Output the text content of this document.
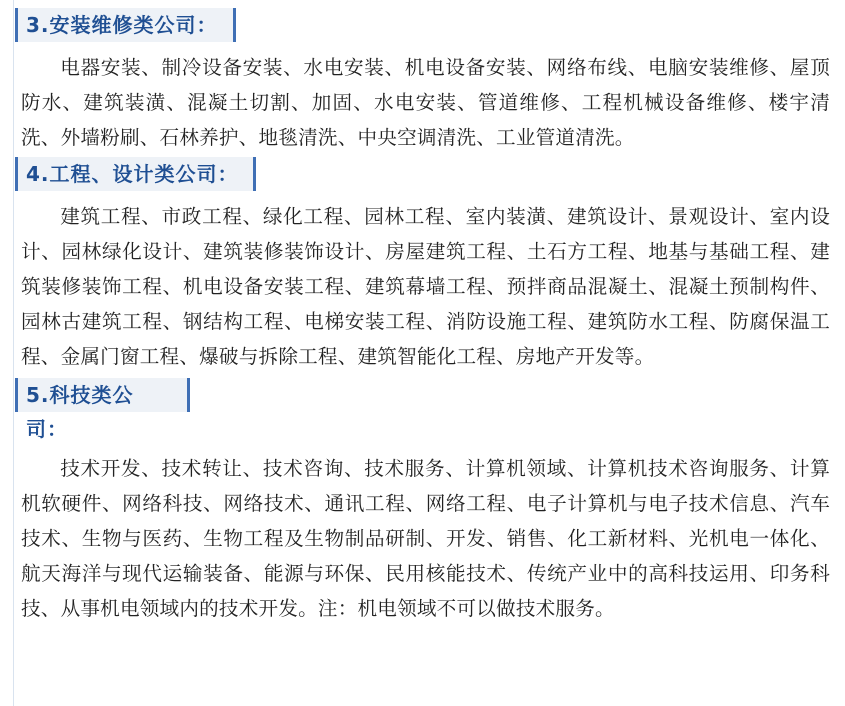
3.安装维修类公司：

电器安装、制冷设备安装、水电安装、机电设备安装、网络布线、电脑安装维修、屋顶防水、建筑装潢、混凝土切割、加固、水电安装、管道维修、工程机械设备维修、楼宇清洗、外墙粉刷、石林养护、地毯清洗、中央空调清洗、工业管道清洗。

4.工程、设计类公司：

建筑工程、市政工程、绿化工程、园林工程、室内装潢、建筑设计、景观设计、室内设计、园林绿化设计、建筑装修装饰设计、房屋建筑工程、土石方工程、地基与基础工程、建筑装修装饰工程、机电设备安装工程、建筑幕墙工程、预拌商品混凝土、混凝土预制构件、园林古建筑工程、钢结构工程、电梯安装工程、消防设施工程、建筑防水工程、防腐保温工程、金属门窗工程、爆破与拆除工程、建筑智能化工程、房地产开发等。

5.科技类公司：

技术开发、技术转让、技术咨询、技术服务、计算机领域、计算机技术咨询服务、计算机软硬件、网络科技、网络技术、通讯工程、网络工程、电子计算机与电子技术信息、汽车技术、生物与医药、生物工程及生物制品研制、开发、销售、化工新材料、光机电一体化、航天海洋与现代运输装备、能源与环保、民用核能技术、传统产业中的高科技运用、印务科技、从事机电领域内的技术开发。注：机电领域不可以做技术服务。
